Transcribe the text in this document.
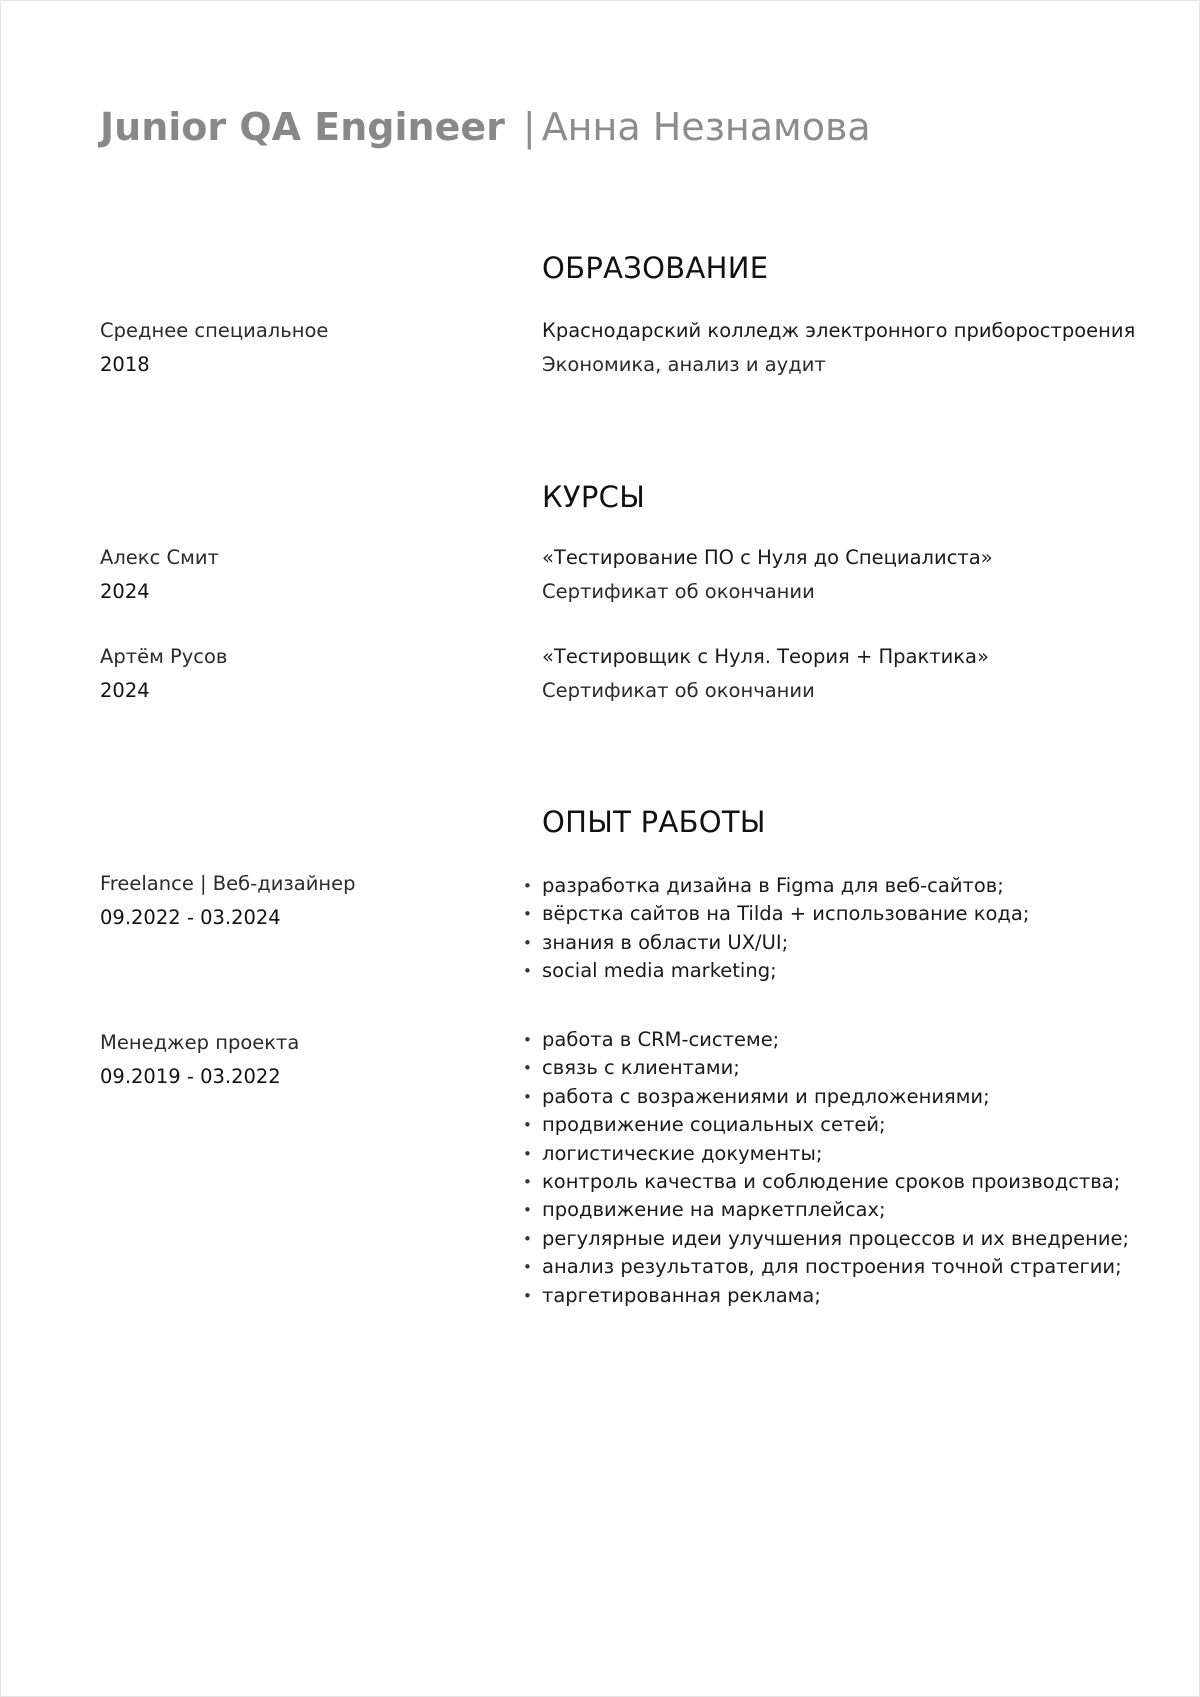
Junior QA Engineer | Анна Незнамова
ОБРАЗОВАНИЕ
Среднее специальное
2018
Краснодарский колледж электронного приборостроения
Экономика, анализ и аудит
КУРСЫ
Алекс Смит
2024
«Тестирование ПО с Нуля до Специалиста»
Сертификат об окончании
Артём Русов
2024
«Тестировщик с Нуля. Теория + Практика»
Сертификат об окончании
ОПЫТ РАБОТЫ
Freelance | Веб-дизайнер
09.2022 - 03.2024
• разработка дизайна в Figma для веб-сайтов;
• вёрстка сайтов на Tilda + использование кода;
• знания в области UX/UI;
• social media marketing;
Менеджер проекта
09.2019 - 03.2022
• работа в CRM-системе;
• связь с клиентами;
• работа с возражениями и предложениями;
• продвижение социальных сетей;
• логистические документы;
• контроль качества и соблюдение сроков производства;
• продвижение на маркетплейсах;
• регулярные идеи улучшения процессов и их внедрение;
• анализ результатов, для построения точной стратегии;
• таргетированная реклама;
